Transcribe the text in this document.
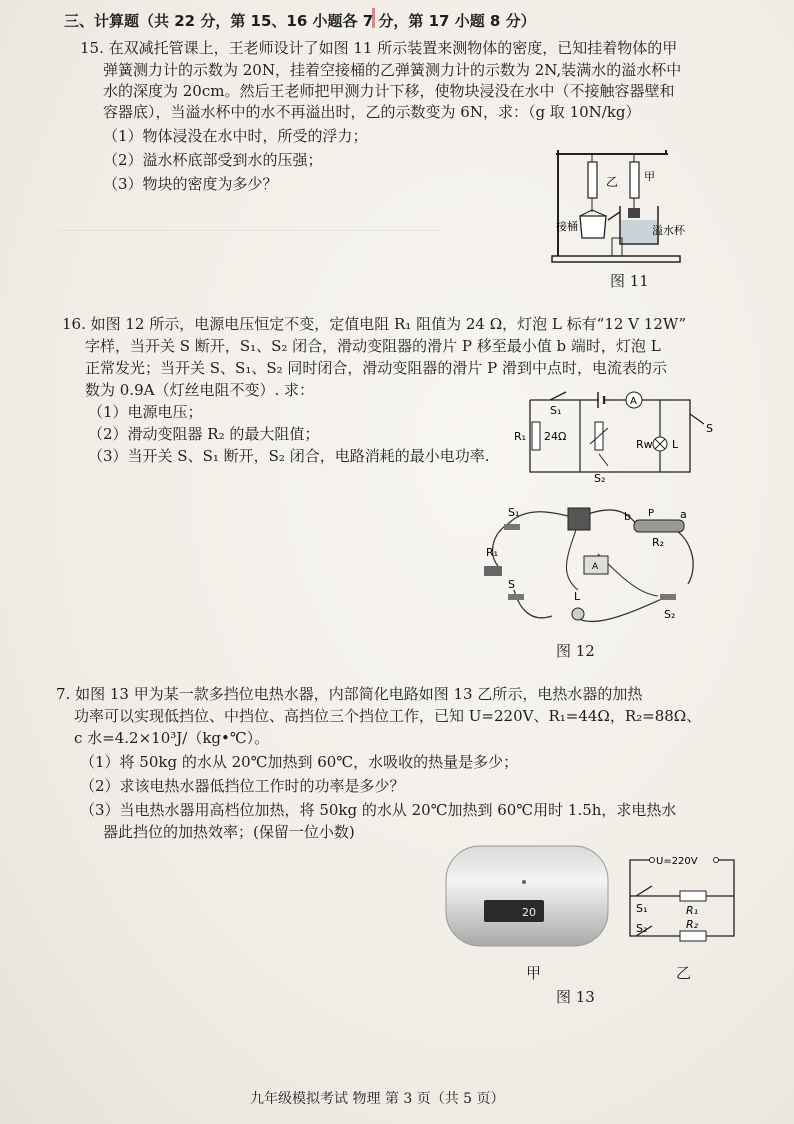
三、计算题（共 22 分，第 15、16 小题各 7 分，第 17 小题 8 分）
15. 在双减托管课上，王老师设计了如图 11 所示装置来测物体的密度，已知挂着物体的甲
弹簧测力计的示数为 20N，挂着空接桶的乙弹簧测力计的示数为 2N,装满水的溢水杯中
水的深度为 20cm。然后王老师把甲测力计下移，使物块浸没在水中（不接触容器壁和
容器底），当溢水杯中的水不再溢出时，乙的示数变为 6N，求：（g 取 10N/kg）
（1）物体浸没在水中时，所受的浮力；
（2）溢水杯底部受到水的压强；
（3）物块的密度为多少？	乙 甲
接桶	溢水杯
图 11
16. 如图 12 所示，电源电压恒定不变，定值电阻 R₁ 阻值为 24 Ω，灯泡 L 标有“12 V 12W”
字样，当开关 S 断开，S₁、S₂ 闭合，滑动变阻器的滑片 P 移至最小值 b 端时，灯泡 L
正常发光；当开关 S、S₁、S₂ 同时闭合，滑动变阻器的滑片 P 滑到中点时，电流表的示
数为 0.9A（灯丝电阻不变）. 求：
（1）电源电压；
（2）滑动变阻器 R₂ 的最大阻值；
（3）当开关 S、S₁ 断开，S₂ 闭合，电路消耗的最小电功率.
A
S₁
R₁ 24Ω
S₂
Rw L
S
A
b P a
R₂
S₁
R₁
S
L
S₂
图 12
7. 如图 13 甲为某一款多挡位电热水器，内部简化电路如图 13 乙所示，电热水器的加热
功率可以实现低挡位、中挡位、高挡位三个挡位工作，已知 U=220V、R₁=44Ω，R₂=88Ω、
c 水=4.2×10³J/（kg•℃）。
（1）将 50kg 的水从 20℃加热到 60℃，水吸收的热量是多少；
（2）求该电热水器低挡位工作时的功率是多少？
（3）当电热水器用高档位加热，将 50kg 的水从 20℃加热到 60℃用时 1.5h，求电热水
器此挡位的加热效率；(保留一位小数)
20
甲
U=220V
S₁	R₁
S₂	R₂
乙
图 13
九年级模拟考试 物理 第 3 页（共 5 页）
